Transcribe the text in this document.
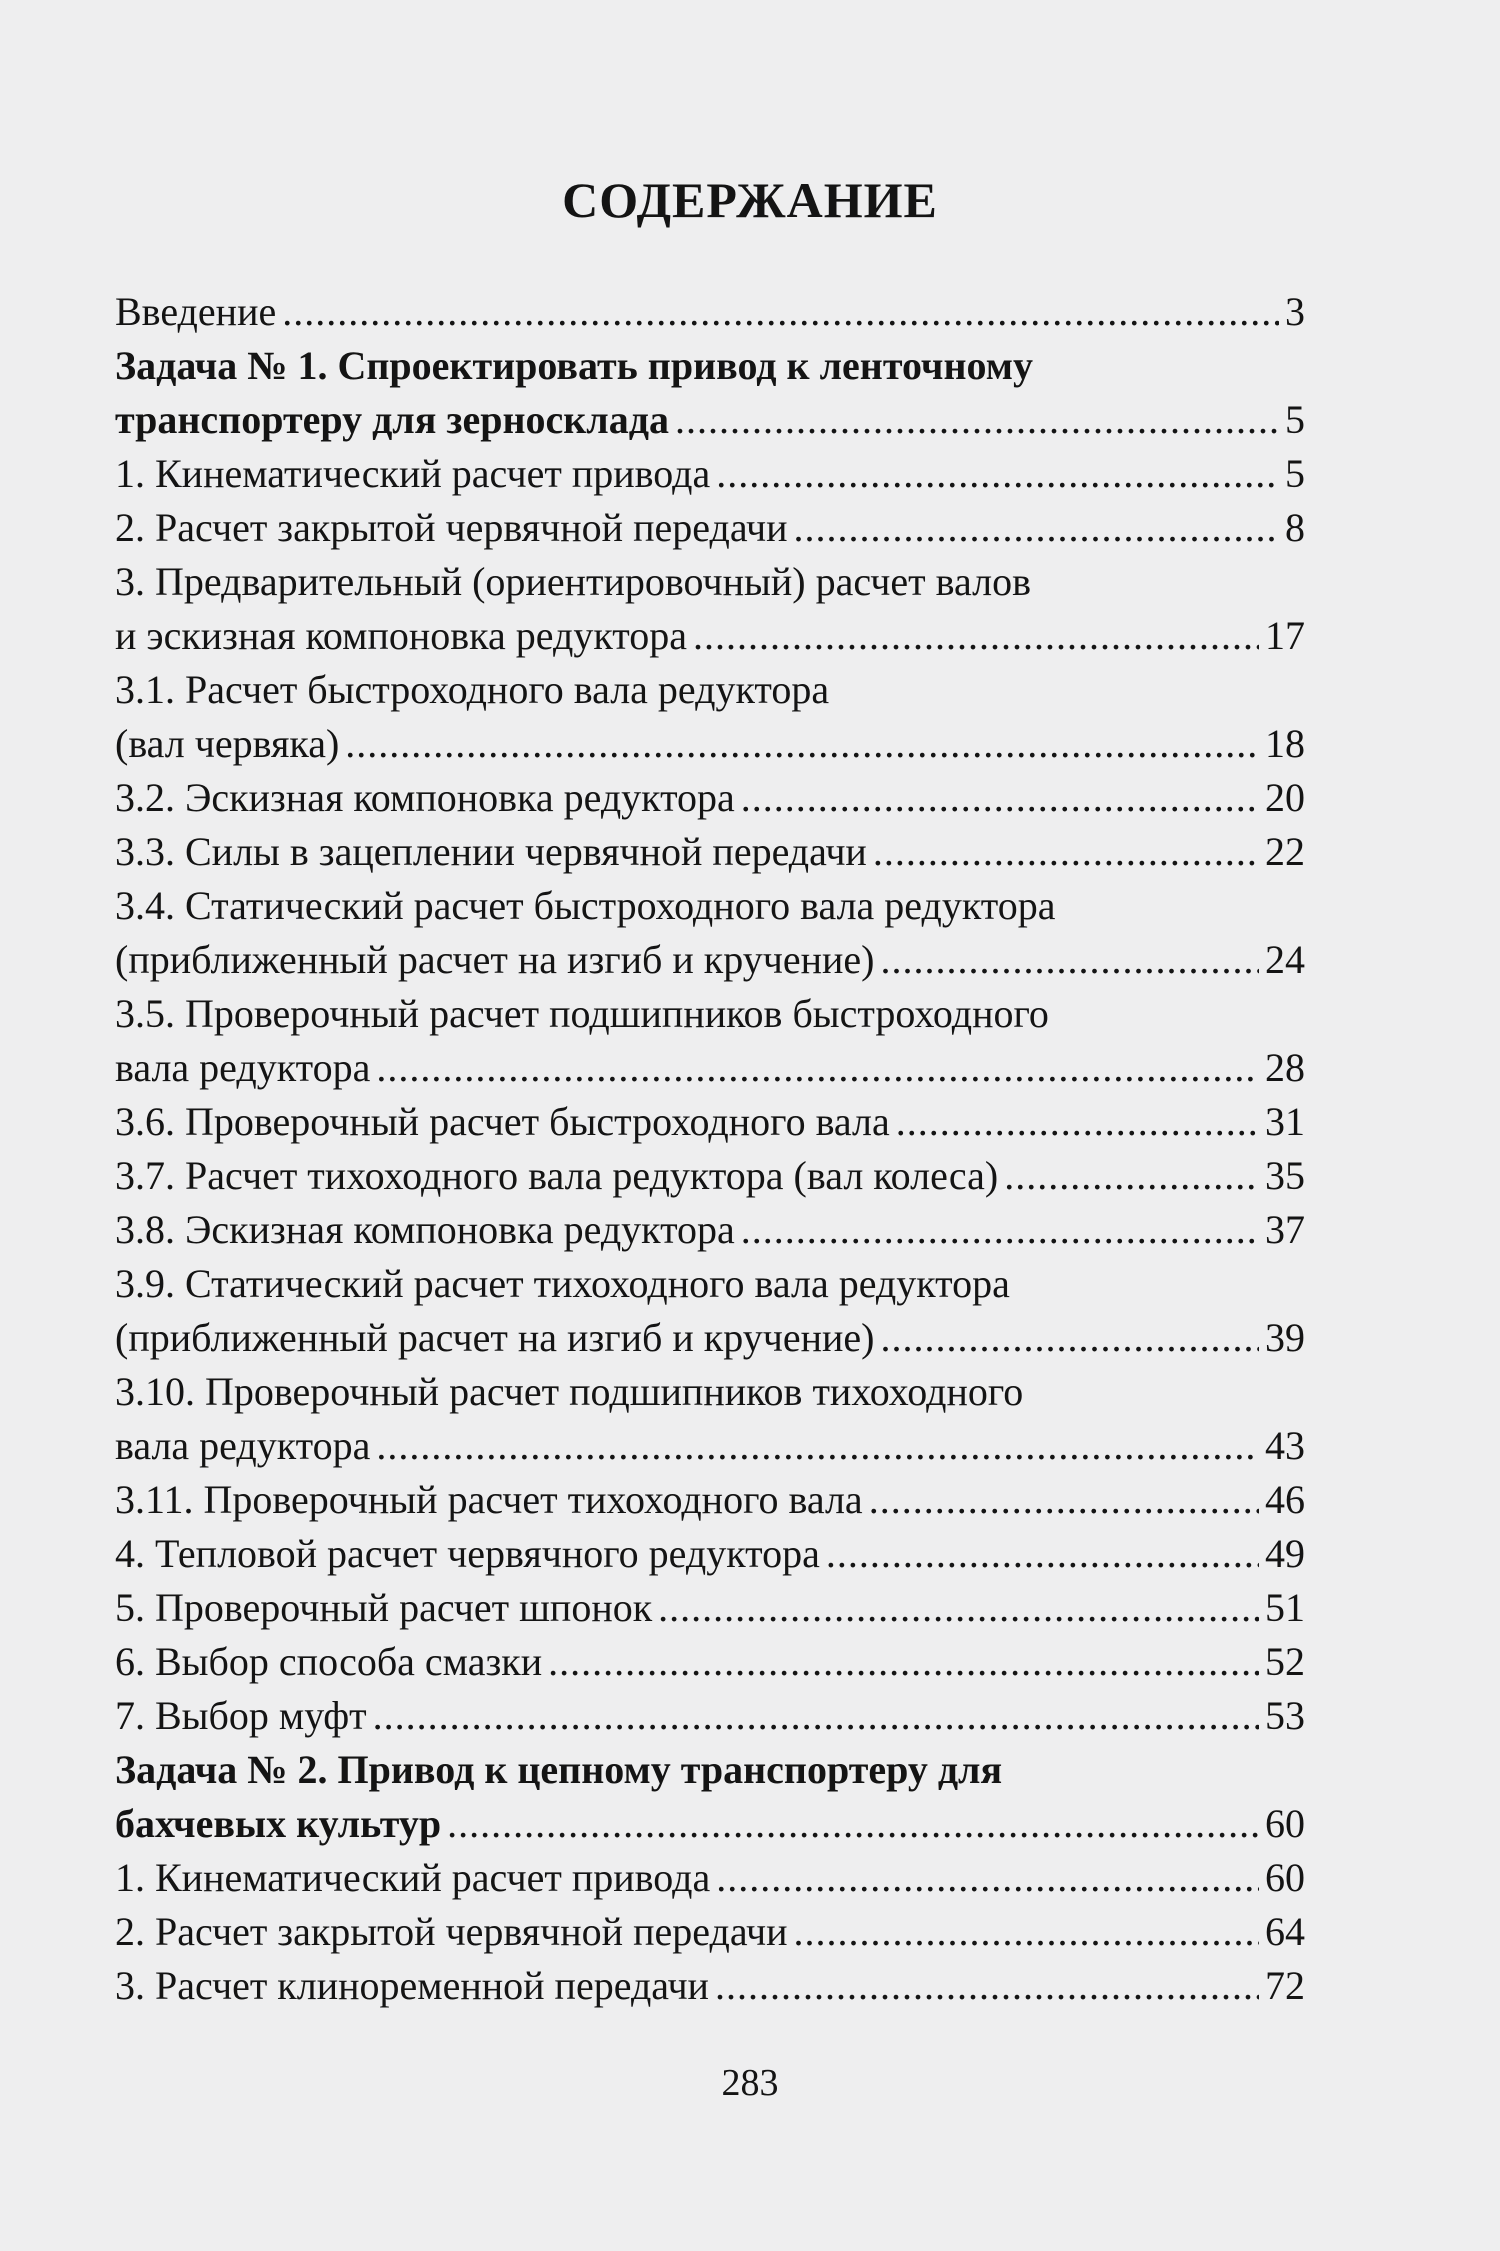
СОДЕРЖАНИЕ
Введение .....	3
Задача № 1. Спроектировать привод к ленточному
транспортеру для зерносклада .....	5
1. Кинематический расчет привода .....	5
2. Расчет закрытой червячной передачи .....	8
3. Предварительный (ориентировочный) расчет валов
и эскизная компоновка редуктора .....	17
3.1. Расчет быстроходного вала редуктора
(вал червяка) .....	18
3.2. Эскизная компоновка редуктора .....	20
3.3. Силы в зацеплении червячной передачи .....	22
3.4. Статический расчет быстроходного вала редуктора
(приближенный расчет на изгиб и кручение) .....	24
3.5. Проверочный расчет подшипников быстроходного
вала редуктора .....	28
3.6. Проверочный расчет быстроходного вала .....	31
3.7. Расчет тихоходного вала редуктора (вал колеса) .....	35
3.8. Эскизная компоновка редуктора .....	37
3.9. Статический расчет тихоходного вала редуктора
(приближенный расчет на изгиб и кручение) .....	39
3.10. Проверочный расчет подшипников тихоходного
вала редуктора .....	43
3.11. Проверочный расчет тихоходного вала .....	46
4. Тепловой расчет червячного редуктора .....	49
5. Проверочный расчет шпонок .....	51
6. Выбор способа смазки .....	52
7. Выбор муфт .....	53
Задача № 2. Привод к цепному транспортеру для
бахчевых культур .....	60
1. Кинематический расчет привода .....	60
2. Расчет закрытой червячной передачи .....	64
3. Расчет клиноременной передачи .....	72
283
